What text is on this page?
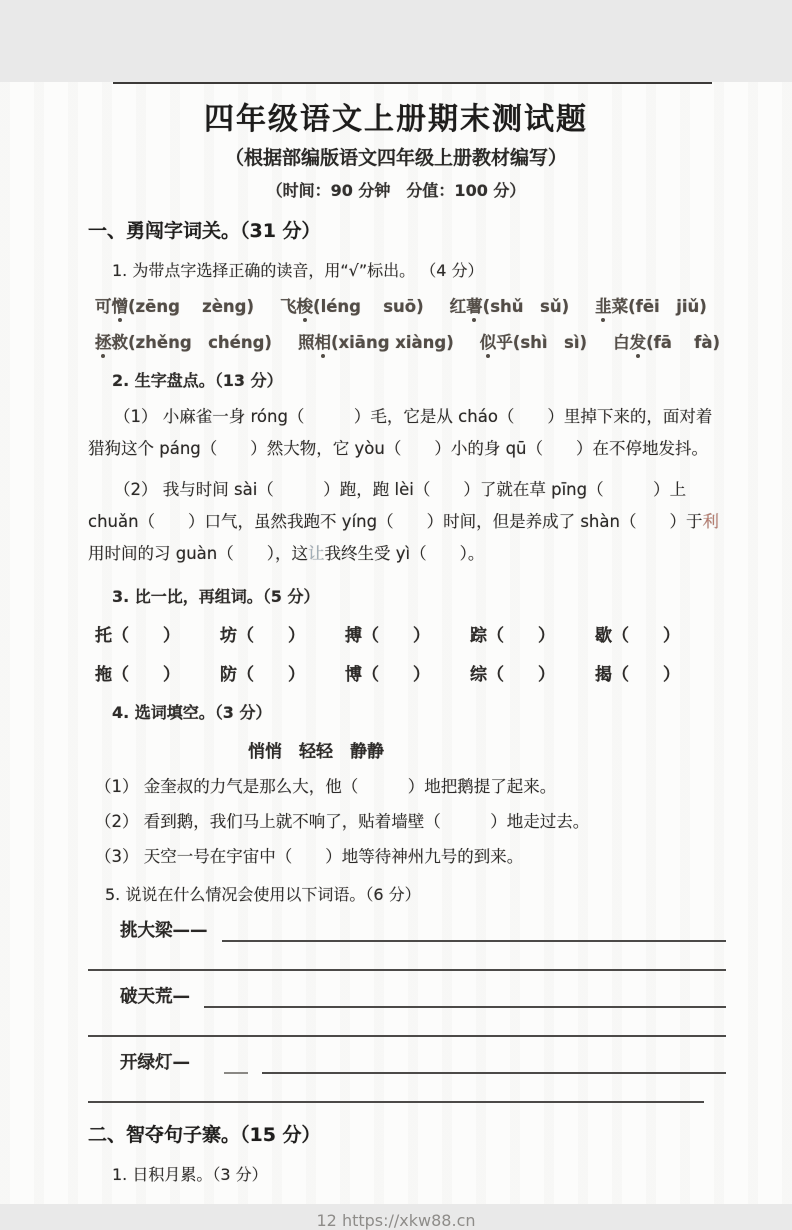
四年级语文上册期末测试题
（根据部编版语文四年级上册教材编写）
（时间：90 分钟　分值：100 分）
一、勇闯字词关。（31 分）
1. 为带点字选择正确的读音，用“√”标出。 （4 分）
可憎(zēng　 zèng) 飞梭(léng　 suō) 红薯(shǔ　sǔ) 韭菜(fēi　jiǔ)
拯救(zhěng　chéng) 照相(xiāng xiàng) 似乎(shì　sì) 白发(fā　 fà)
2. 生字盘点。（13 分）

（1） 小麻雀一身 róng（　　　）毛，它是从 cháo（　　）里掉下来的，面对着猎狗这个 páng（　　）然大物，它 yòu（　　）小的身 qū（　　）在不停地发抖。

（2） 我与时间 sài（　　　）跑，跑 lèi（　　）了就在草 pīng（　　　）上 chuǎn（　　）口气，虽然我跑不 yíng（　　）时间，但是养成了 shàn（　　）于利用时间的习 guàn（　　），这让我终生受 yì（　　）。

3. 比一比，再组词。（5 分）
托（　　） 坊（　　） 搏（　　） 踪（　　） 歇（　　）
拖（　　） 防（　　） 博（　　） 综（　　） 揭（　　）
4. 选词填空。（3 分）
悄悄　轻轻　静静
（1） 金奎叔的力气是那么大，他（　　　）地把鹅提了起来。
（2） 看到鹅，我们马上就不响了，贴着墙壁（　　　）地走过去。
（3） 天空一号在宇宙中（　　）地等待神州九号的到来。
5. 说说在什么情况会使用以下词语。（6 分）
挑大梁——
破天荒—
开绿灯—
二、智夺句子寨。（15 分）
1. 日积月累。（3 分）
12 https://xkw88.cn
